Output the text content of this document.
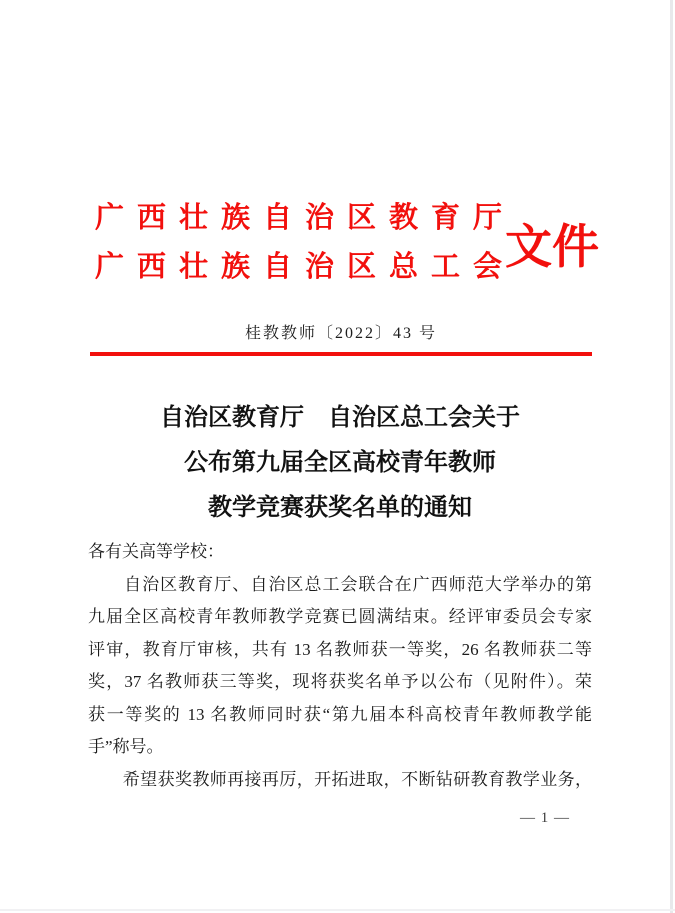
广西壮族自治区教育厅
广西壮族自治区总工会
文件
桂教教师〔2022〕43 号
自治区教育厅　自治区总工会关于
公布第九届全区高校青年教师
教学竞赛获奖名单的通知
各有关高等学校：
　　自治区教育厅、自治区总工会联合在广西师范大学举办的第
九届全区高校青年教师教学竞赛已圆满结束。经评审委员会专家
评审，教育厅审核，共有 13 名教师获一等奖，26 名教师获二等
奖，37 名教师获三等奖，现将获奖名单予以公布（见附件）。荣
获一等奖的 13 名教师同时获“第九届本科高校青年教师教学能
手”称号。
　　希望获奖教师再接再厉，开拓进取，不断钻研教育教学业务，
— 1 —
